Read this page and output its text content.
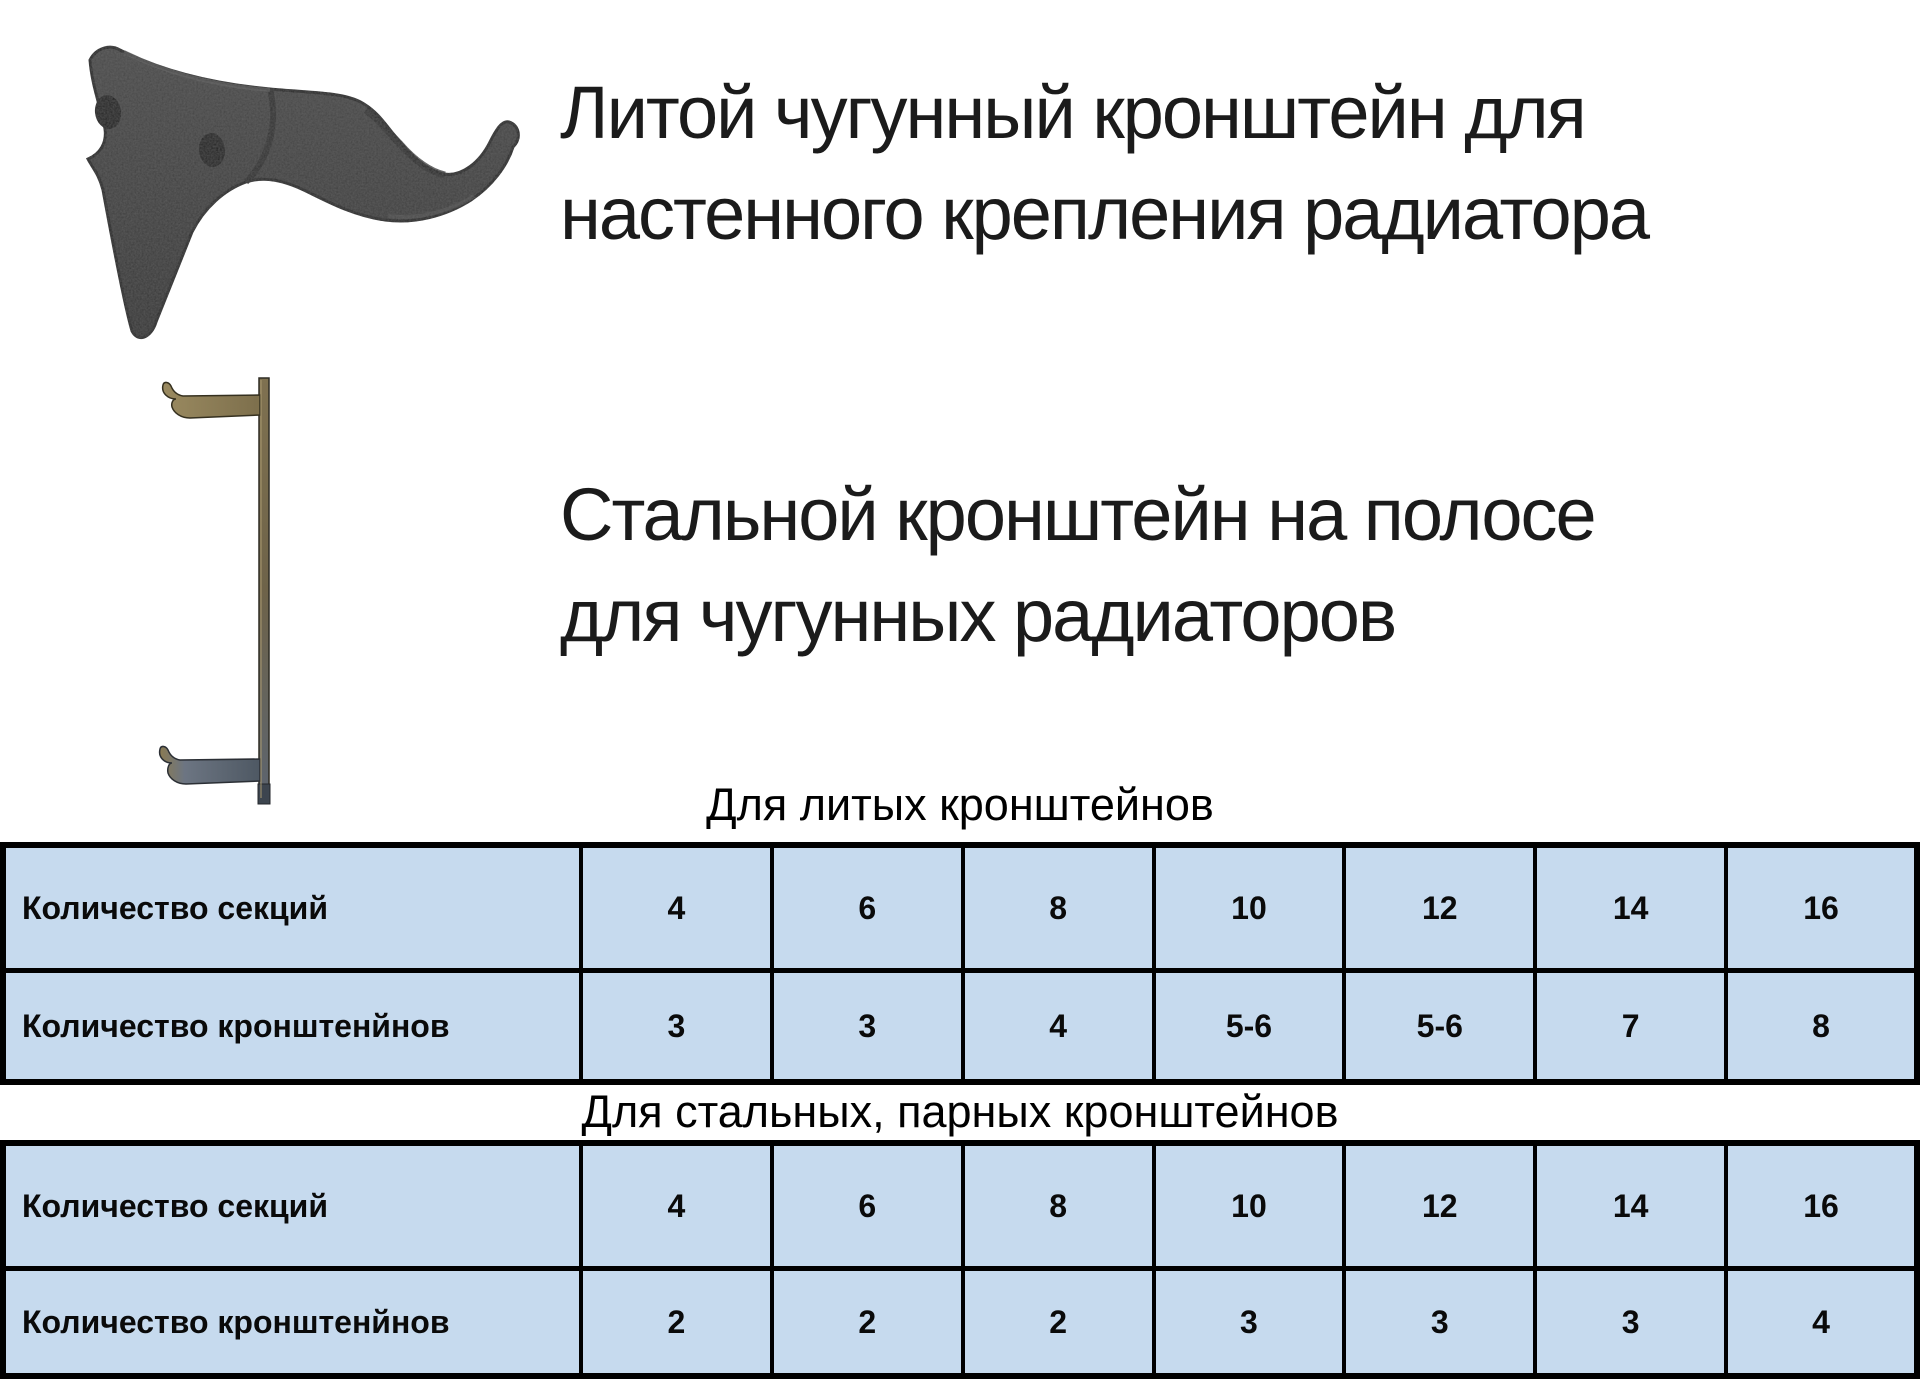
Литой чугунный кронштейн для
настенного крепления радиатора
Стальной кронштейн на полосе
для чугунных радиаторов
Для литых кронштейнов
Количество секций	4	6	8	10	12	14	16
Количество кронштенйнов	3	3	4	5-6	5-6	7	8
Для стальных, парных кронштейнов
Количество секций	4	6	8	10	12	14	16
Количество кронштенйнов	2	2	2	3	3	3	4
